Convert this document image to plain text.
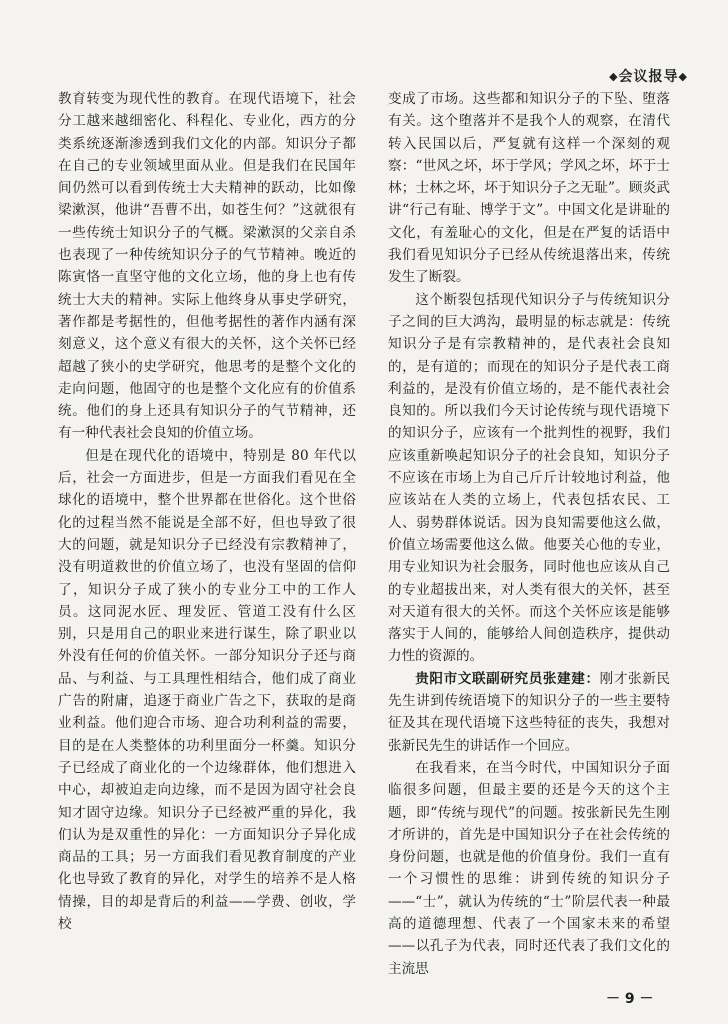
◆会议报导◆

教育转变为现代性的教育。在现代语境下，社会分工越来越细密化、科程化、专业化，西方的分类系统逐渐渗透到我们文化的内部。知识分子都在自己的专业领域里面从业。但是我们在民国年间仍然可以看到传统士大夫精神的跃动，比如像梁漱溟，他讲“吾曹不出，如苍生何？”这就很有一些传统士知识分子的气概。梁漱溟的父亲自杀也表现了一种传统知识分子的气节精神。晚近的陈寅恪一直坚守他的文化立场，他的身上也有传统士大夫的精神。实际上他终身从事史学研究，著作都是考据性的，但他考据性的著作内涵有深刻意义，这个意义有很大的关怀，这个关怀已经超越了狭小的史学研究，他思考的是整个文化的走向问题，他固守的也是整个文化应有的价值系统。他们的身上还具有知识分子的气节精神，还有一种代表社会良知的价值立场。

但是在现代化的语境中，特别是 80 年代以后，社会一方面进步，但是一方面我们看见在全球化的语境中，整个世界都在世俗化。这个世俗化的过程当然不能说是全部不好，但也导致了很大的问题，就是知识分子已经没有宗教精神了，没有明道救世的价值立场了，也没有坚固的信仰了，知识分子成了狭小的专业分工中的工作人员。这同泥水匠、理发匠、管道工没有什么区别，只是用自己的职业来进行谋生，除了职业以外没有任何的价值关怀。一部分知识分子还与商品、与利益、与工具理性相结合，他们成了商业广告的附庸，追逐于商业广告之下，获取的是商业利益。他们迎合市场、迎合功利利益的需要，目的是在人类整体的功利里面分一杯羹。知识分子已经成了商业化的一个边缘群体，他们想进入中心，却被迫走向边缘，而不是因为固守社会良知才固守边缘。知识分子已经被严重的异化，我们认为是双重性的异化：一方面知识分子异化成商品的工具；另一方面我们看见教育制度的产业化也导致了教育的异化，对学生的培养不是人格情操，目的却是背后的利益——学费、创收，学校

变成了市场。这些都和知识分子的下坠、堕落有关。这个堕落并不是我个人的观察，在清代转入民国以后，严复就有这样一个深刻的观察：“世风之坏，坏于学风；学风之坏，坏于士林；士林之坏，坏于知识分子之无耻”。顾炎武讲“行己有耻、博学于文”。中国文化是讲耻的文化，有羞耻心的文化，但是在严复的话语中我们看见知识分子已经从传统退落出来，传统发生了断裂。

这个断裂包括现代知识分子与传统知识分子之间的巨大鸿沟，最明显的标志就是：传统知识分子是有宗教精神的，是代表社会良知的，是有道的；而现在的知识分子是代表工商利益的，是没有价值立场的，是不能代表社会良知的。所以我们今天讨论传统与现代语境下的知识分子，应该有一个批判性的视野，我们应该重新唤起知识分子的社会良知，知识分子不应该在市场上为自己斤斤计较地讨利益，他应该站在人类的立场上，代表包括农民、工人、弱势群体说话。因为良知需要他这么做，价值立场需要他这么做。他要关心他的专业，用专业知识为社会服务，同时他也应该从自己的专业超拔出来，对人类有很大的关怀，甚至对天道有很大的关怀。而这个关怀应该是能够落实于人间的，能够给人间创造秩序，提供动力性的资源的。

贵阳市文联副研究员张建建：刚才张新民先生讲到传统语境下的知识分子的一些主要特征及其在现代语境下这些特征的丧失，我想对张新民先生的讲话作一个回应。

在我看来，在当今时代，中国知识分子面临很多问题，但最主要的还是今天的这个主题，即“传统与现代”的问题。按张新民先生刚才所讲的，首先是中国知识分子在社会传统的身份问题，也就是他的价值身份。我们一直有一个习惯性的思维：讲到传统的知识分子——“士”，就认为传统的“士”阶层代表一种最高的道德理想、代表了一个国家未来的希望——以孔子为代表，同时还代表了我们文化的主流思

－ 9 －
